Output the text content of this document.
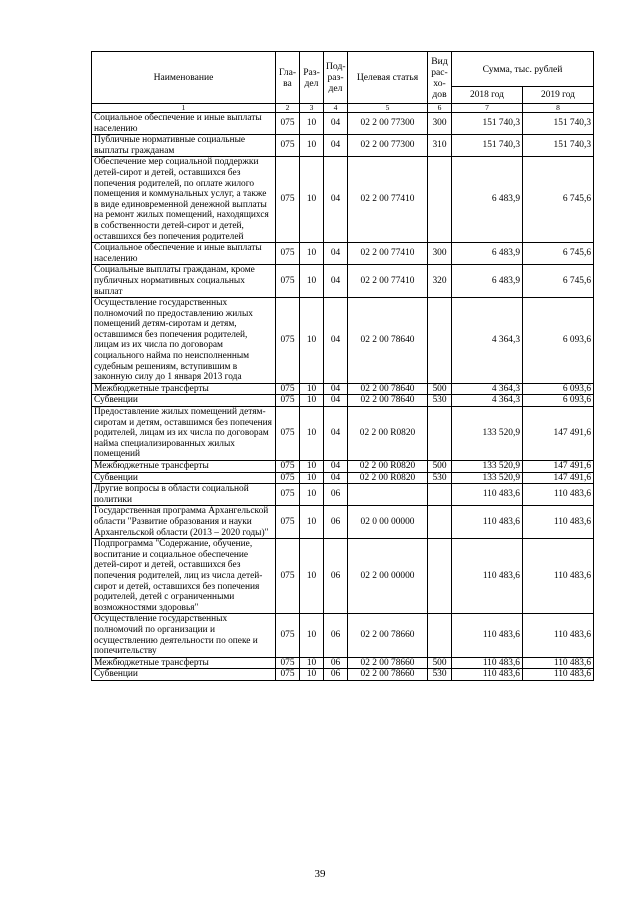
Наименование	Гла-ва	Раз-дел	Под-раз-дел	Целевая статья	Вид рас-хо-дов	Сумма, тыс. рублей	
						2018 год	2019 год
1	2	3	4	5	6	7	8
Социальное обеспечение и иные выплаты населению	075	10	04	02 2 00 77300	300	151 740,3	151 740,3
Публичные нормативные социальные выплаты гражданам	075	10	04	02 2 00 77300	310	151 740,3	151 740,3
Обеспечение мер социальной поддержки детей-сирот и детей, оставшихся без попечения родителей, по оплате жилого помещения и коммунальных услуг, а также в виде единовременной денежной выплаты на ремонт жилых помещений, находящихся в собственности детей-сирот и детей, оставшихся без попечения родителей	075	10	04	02 2 00 77410		6 483,9	6 745,6
Социальное обеспечение и иные выплаты населению	075	10	04	02 2 00 77410	300	6 483,9	6 745,6
Социальные выплаты гражданам, кроме публичных нормативных социальных выплат	075	10	04	02 2 00 77410	320	6 483,9	6 745,6
Осуществление государственных полномочий по предоставлению жилых помещений детям-сиротам и детям, оставшимся без попечения родителей, лицам из их числа по договорам социального найма по неисполненным судебным решениям, вступившим в законную силу до 1 января 2013 года	075	10	04	02 2 00 78640		4 364,3	6 093,6
Межбюджетные трансферты	075	10	04	02 2 00 78640	500	4 364,3	6 093,6
Субвенции	075	10	04	02 2 00 78640	530	4 364,3	6 093,6
Предоставление жилых помещений детям-сиротам и детям, оставшимся без попечения родителей, лицам из их числа по договорам найма специализированных жилых помещений	075	10	04	02 2 00 R0820		133 520,9	147 491,6
Межбюджетные трансферты	075	10	04	02 2 00 R0820	500	133 520,9	147 491,6
Субвенции	075	10	04	02 2 00 R0820	530	133 520,9	147 491,6
Другие вопросы в области социальной политики	075	10	06			110 483,6	110 483,6
Государственная программа Архангельской области "Развитие образования и науки Архангельской области (2013 – 2020 годы)"	075	10	06	02 0 00 00000		110 483,6	110 483,6
Подпрограмма "Содержание, обучение, воспитание и социальное обеспечение детей-сирот и детей, оставшихся без попечения родителей, лиц из числа детей-сирот и детей, оставшихся без попечения родителей, детей с ограниченными возможностями здоровья"	075	10	06	02 2 00 00000		110 483,6	110 483,6
Осуществление государственных полномочий по организации и осуществлению деятельности по опеке и попечительству	075	10	06	02 2 00 78660		110 483,6	110 483,6
Межбюджетные трансферты	075	10	06	02 2 00 78660	500	110 483,6	110 483,6
Субвенции	075	10	06	02 2 00 78660	530	110 483,6	110 483,6
39
